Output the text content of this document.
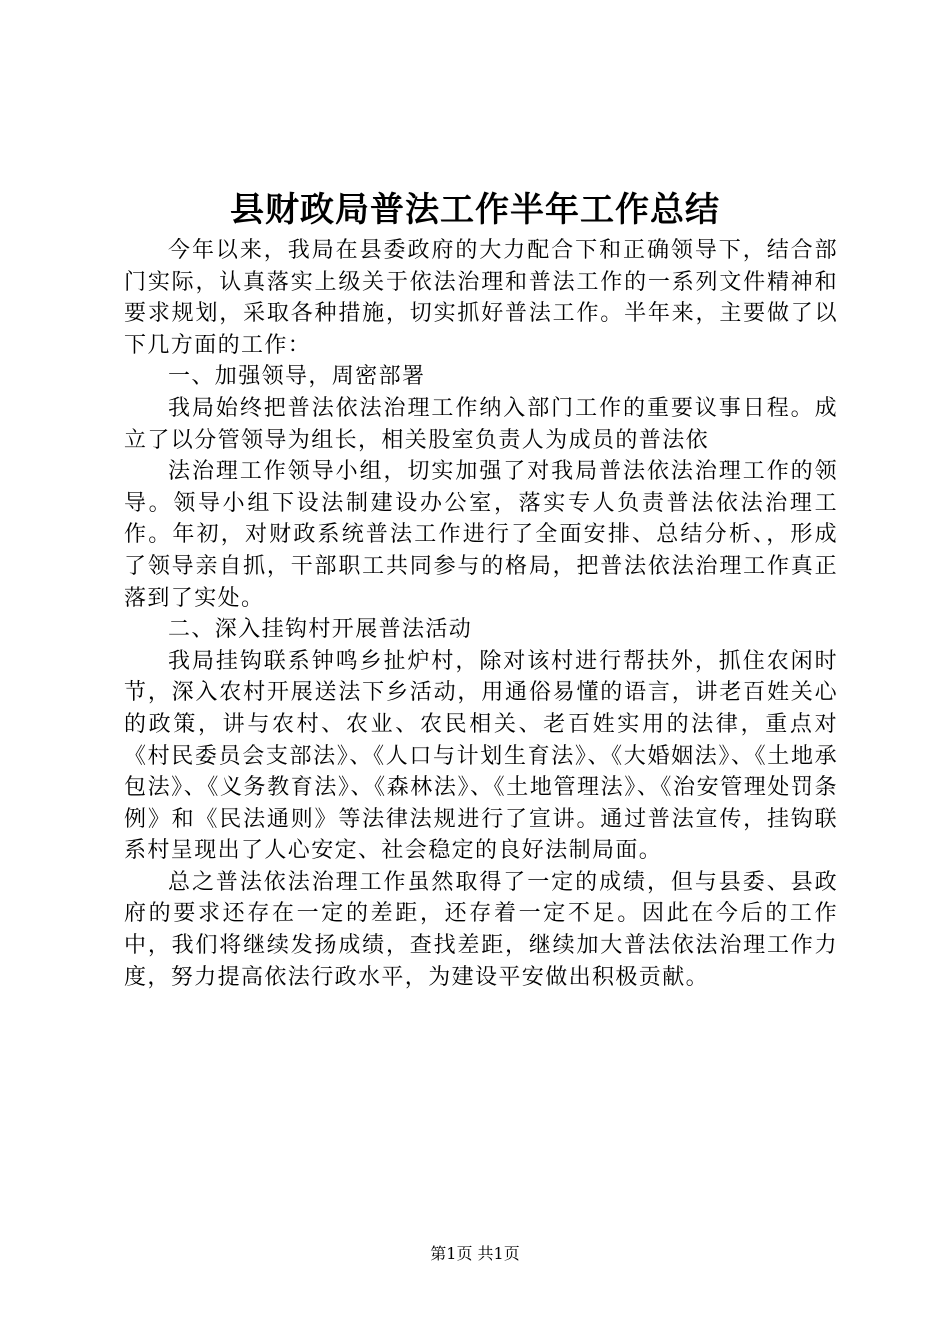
县财政局普法工作半年工作总结

今年以来，我局在县委政府的大力配合下和正确领导下，结合部门实际，认真落实上级关于依法治理和普法工作的一系列文件精神和要求规划，采取各种措施，切实抓好普法工作。半年来，主要做了以下几方面的工作：

一、加强领导，周密部署

我局始终把普法依法治理工作纳入部门工作的重要议事日程。成立了以分管领导为组长，相关股室负责人为成员的普法依

法治理工作领导小组，切实加强了对我局普法依法治理工作的领导。领导小组下设法制建设办公室，落实专人负责普法依法治理工作。年初，对财政系统普法工作进行了全面安排、总结分析、，形成了领导亲自抓，干部职工共同参与的格局，把普法依法治理工作真正落到了实处。

二、深入挂钩村开展普法活动

我局挂钩联系钟鸣乡扯炉村，除对该村进行帮扶外，抓住农闲时节，深入农村开展送法下乡活动，用通俗易懂的语言，讲老百姓关心的政策，讲与农村、农业、农民相关、老百姓实用的法律，重点对《村民委员会支部法》、《人口与计划生育法》、《大婚姻法》、《土地承包法》、《义务教育法》、《森林法》、《土地管理法》、《治安管理处罚条例》和《民法通则》等法律法规进行了宣讲。通过普法宣传，挂钩联系村呈现出了人心安定、社会稳定的良好法制局面。

总之普法依法治理工作虽然取得了一定的成绩，但与县委、县政府的要求还存在一定的差距，还存着一定不足。因此在今后的工作中，我们将继续发扬成绩，查找差距，继续加大普法依法治理工作力度，努力提高依法行政水平，为建设平安做出积极贡献。

第1页 共1页
